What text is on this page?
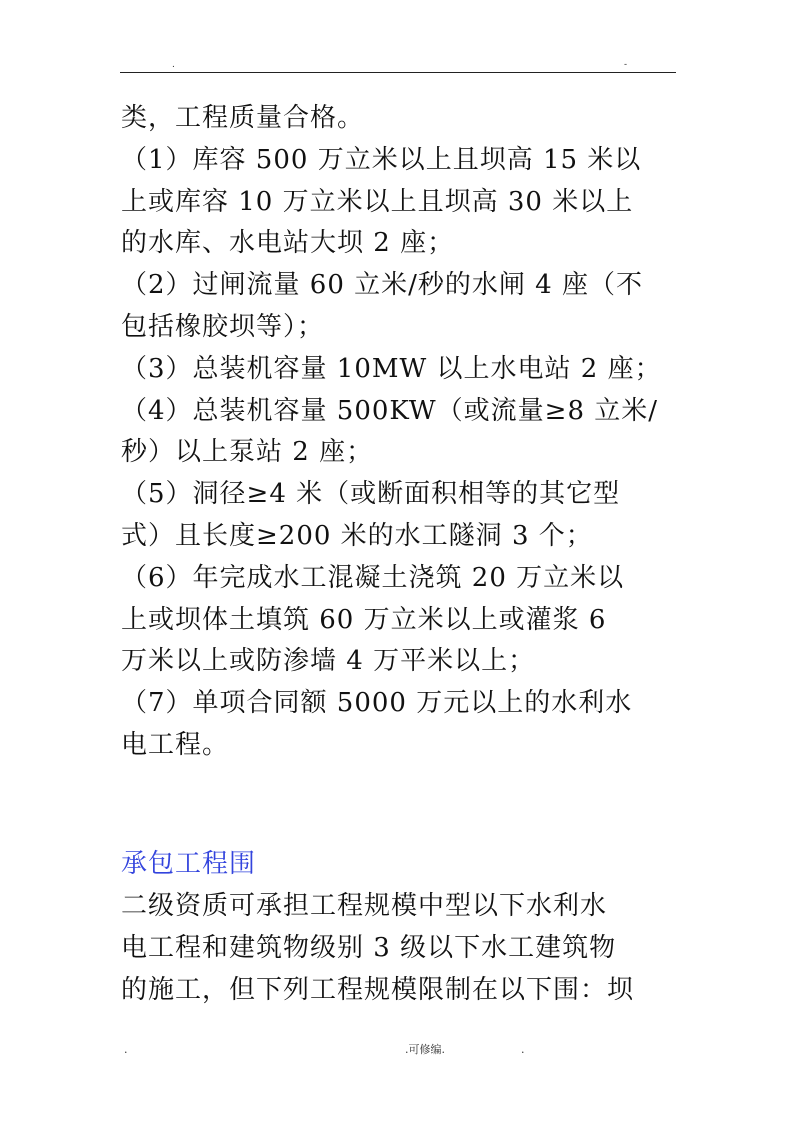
.	-
类，工程质量合格。
（1）库容 500 万立米以上且坝高 15 米以
上或库容 10 万立米以上且坝高 30 米以上
的水库、水电站大坝 2 座；
（2）过闸流量 60 立米/秒的水闸 4 座（不
包括橡胶坝等）；
（3）总装机容量 10MW 以上水电站 2 座；
（4）总装机容量 500KW（或流量≥8 立米/
秒）以上泵站 2 座；
（5）洞径≥4 米（或断面积相等的其它型
式）且长度≥200 米的水工隧洞 3 个；
（6）年完成水工混凝土浇筑 20 万立米以
上或坝体土填筑 60 万立米以上或灌浆 6
万米以上或防渗墙 4 万平米以上；
（7）单项合同额 5000 万元以上的水利水
电工程。
承包工程围
二级资质可承担工程规模中型以下水利水
电工程和建筑物级别 3 级以下水工建筑物
的施工，但下列工程规模限制在以下围：坝
.	.可修编.	.
